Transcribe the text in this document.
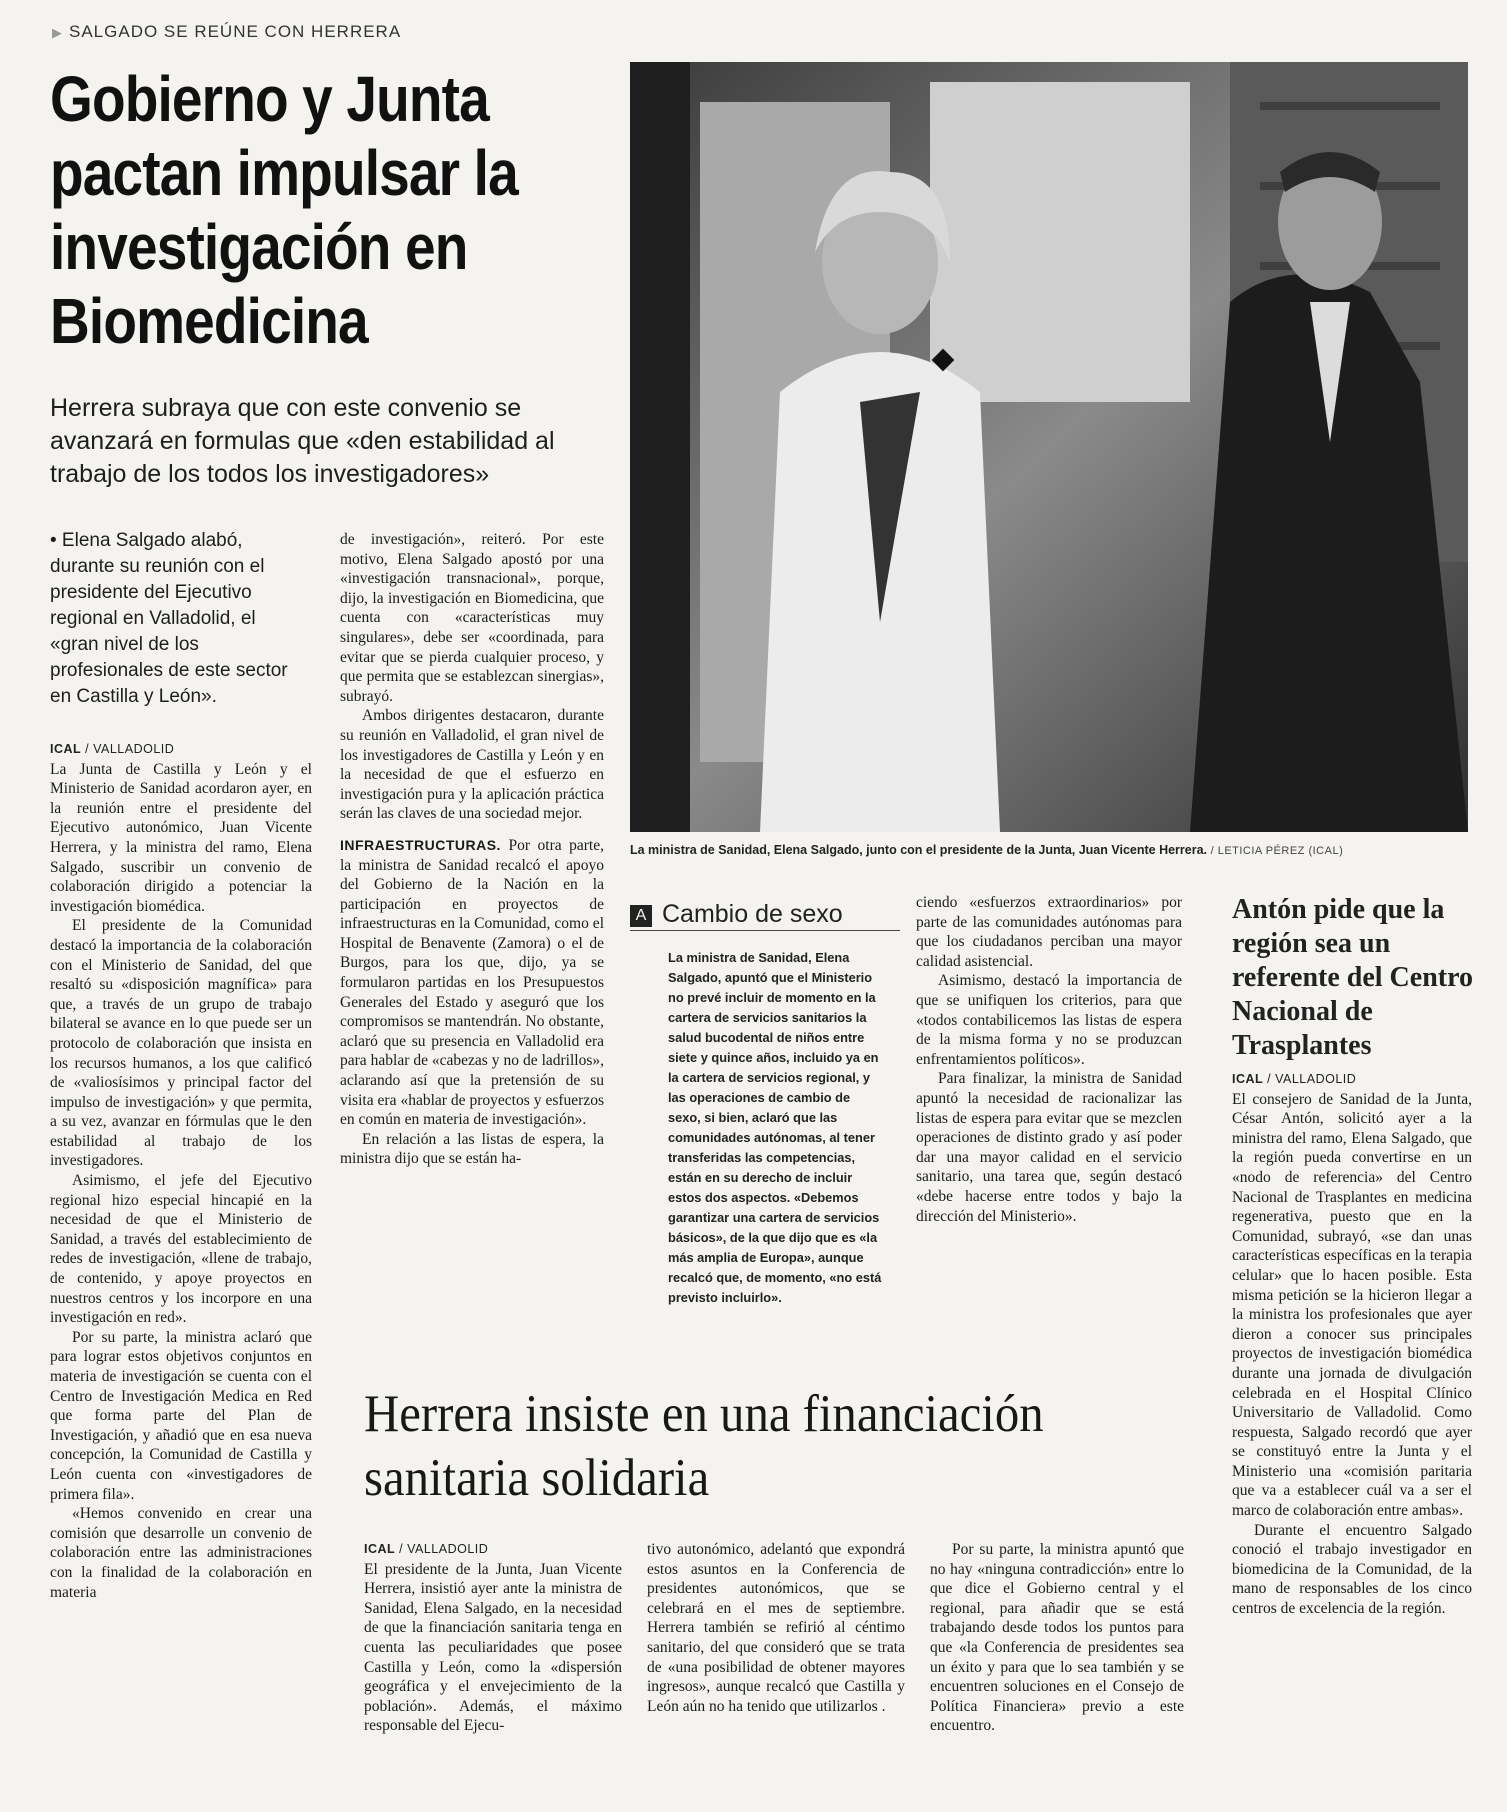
▶ SALGADO SE REÚNE CON HERRERA
Gobierno y Junta pactan impulsar la investigación en Biomedicina

Herrera subraya que con este convenio se avanzará en formulas que «den estabilidad al trabajo de los todos los investigadores»

• Elena Salgado alabó, durante su reunión con el presidente del Ejecutivo regional en Valladolid, el «gran nivel de los profesionales de este sector en Castilla y León».

ICAL / VALLADOLID

La Junta de Castilla y León y el Ministerio de Sanidad acordaron ayer, en la reunión entre el presidente del Ejecutivo autonómico, Juan Vicente Herrera, y la ministra del ramo, Elena Salgado, suscribir un convenio de colaboración dirigido a potenciar la investigación biomédica.

El presidente de la Comunidad destacó la importancia de la colaboración con el Ministerio de Sanidad, del que resaltó su «disposición magnífica» para que, a través de un grupo de trabajo bilateral se avance en lo que puede ser un protocolo de colaboración que insista en los recursos humanos, a los que calificó de «valiosísimos y principal factor del impulso de investigación» y que permita, a su vez, avanzar en fórmulas que le den estabilidad al trabajo de los investigadores.

Asimismo, el jefe del Ejecutivo regional hizo especial hincapié en la necesidad de que el Ministerio de Sanidad, a través del establecimiento de redes de investigación, «llene de trabajo, de contenido, y apoye proyectos en nuestros centros y los incorpore en una investigación en red».

Por su parte, la ministra aclaró que para lograr estos objetivos conjuntos en materia de investigación se cuenta con el Centro de Investigación Medica en Red que forma parte del Plan de Investigación, y añadió que en esa nueva concepción, la Comunidad de Castilla y León cuenta con «investigadores de primera fila».

«Hemos convenido en crear una comisión que desarrolle un convenio de colaboración entre las administraciones con la finalidad de la colaboración en materia

de investigación», reiteró. Por este motivo, Elena Salgado apostó por una «investigación transnacional», porque, dijo, la investigación en Biomedicina, que cuenta con «características muy singulares», debe ser «coordinada, para evitar que se pierda cualquier proceso, y que permita que se establezcan sinergias», subrayó.

Ambos dirigentes destacaron, durante su reunión en Valladolid, el gran nivel de los investigadores de Castilla y León y en la necesidad de que el esfuerzo en investigación pura y la aplicación práctica serán las claves de una sociedad mejor.

INFRAESTRUCTURAS. Por otra parte, la ministra de Sanidad recalcó el apoyo del Gobierno de la Nación en la participación en proyectos de infraestructuras en la Comunidad, como el Hospital de Benavente (Zamora) o el de Burgos, para los que, dijo, ya se formularon partidas en los Presupuestos Generales del Estado y aseguró que los compromisos se mantendrán. No obstante, aclaró que su presencia en Valladolid era para hablar de «cabezas y no de ladrillos», aclarando así que la pretensión de su visita era «hablar de proyectos y esfuerzos en común en materia de investigación».

En relación a las listas de espera, la ministra dijo que se están ha-

La ministra de Sanidad, Elena Salgado, junto con el presidente de la Junta, Juan Vicente Herrera. / LETICIA PÉREZ (ICAL)

A Cambio de sexo

La ministra de Sanidad, Elena Salgado, apuntó que el Ministerio no prevé incluir de momento en la cartera de servicios sanitarios la salud bucodental de niños entre siete y quince años, incluido ya en la cartera de servicios regional, y las operaciones de cambio de sexo, si bien, aclaró que las comunidades autónomas, al tener transferidas las competencias, están en su derecho de incluir estos dos aspectos. «Debemos garantizar una cartera de servicios básicos», de la que dijo que es «la más amplia de Europa», aunque recalcó que, de momento, «no está previsto incluirlo».

ciendo «esfuerzos extraordinarios» por parte de las comunidades autónomas para que los ciudadanos perciban una mayor calidad asistencial.

Asimismo, destacó la importancia de que se unifiquen los criterios, para que «todos contabilicemos las listas de espera de la misma forma y no se produzcan enfrentamientos políticos».

Para finalizar, la ministra de Sanidad apuntó la necesidad de racionalizar las listas de espera para evitar que se mezclen operaciones de distinto grado y así poder dar una mayor calidad en el servicio sanitario, una tarea que, según destacó «debe hacerse entre todos y bajo la dirección del Ministerio».

Antón pide que la región sea un referente del Centro Nacional de Trasplantes
ICAL / VALLADOLID

El consejero de Sanidad de la Junta, César Antón, solicitó ayer a la ministra del ramo, Elena Salgado, que la región pueda convertirse en un «nodo de referencia» del Centro Nacional de Trasplantes en medicina regenerativa, puesto que en la Comunidad, subrayó, «se dan unas características específicas en la terapia celular» que lo hacen posible. Esta misma petición se la hicieron llegar a la ministra los profesionales que ayer dieron a conocer sus principales proyectos de investigación biomédica durante una jornada de divulgación celebrada en el Hospital Clínico Universitario de Valladolid. Como respuesta, Salgado recordó que ayer se constituyó entre la Junta y el Ministerio una «comisión paritaria que va a establecer cuál va a ser el marco de colaboración entre ambas».

Durante el encuentro Salgado conoció el trabajo investigador en biomedicina de la Comunidad, de la mano de responsables de los cinco centros de excelencia de la región.

Herrera insiste en una financiación sanitaria solidaria
ICAL / VALLADOLID

El presidente de la Junta, Juan Vicente Herrera, insistió ayer ante la ministra de Sanidad, Elena Salgado, en la necesidad de que la financiación sanitaria tenga en cuenta las peculiaridades que posee Castilla y León, como la «dispersión geográfica y el envejecimiento de la población». Además, el máximo responsable del Ejecu-

tivo autonómico, adelantó que expondrá estos asuntos en la Conferencia de presidentes autonómicos, que se celebrará en el mes de septiembre. Herrera también se refirió al céntimo sanitario, del que consideró que se trata de «una posibilidad de obtener mayores ingresos», aunque recalcó que Castilla y León aún no ha tenido que utilizarlos .

Por su parte, la ministra apuntó que no hay «ninguna contradicción» entre lo que dice el Gobierno central y el regional, para añadir que se está trabajando desde todos los puntos para que «la Conferencia de presidentes sea un éxito y para que lo sea también y se encuentren soluciones en el Consejo de Política Financiera» previo a este encuentro.
